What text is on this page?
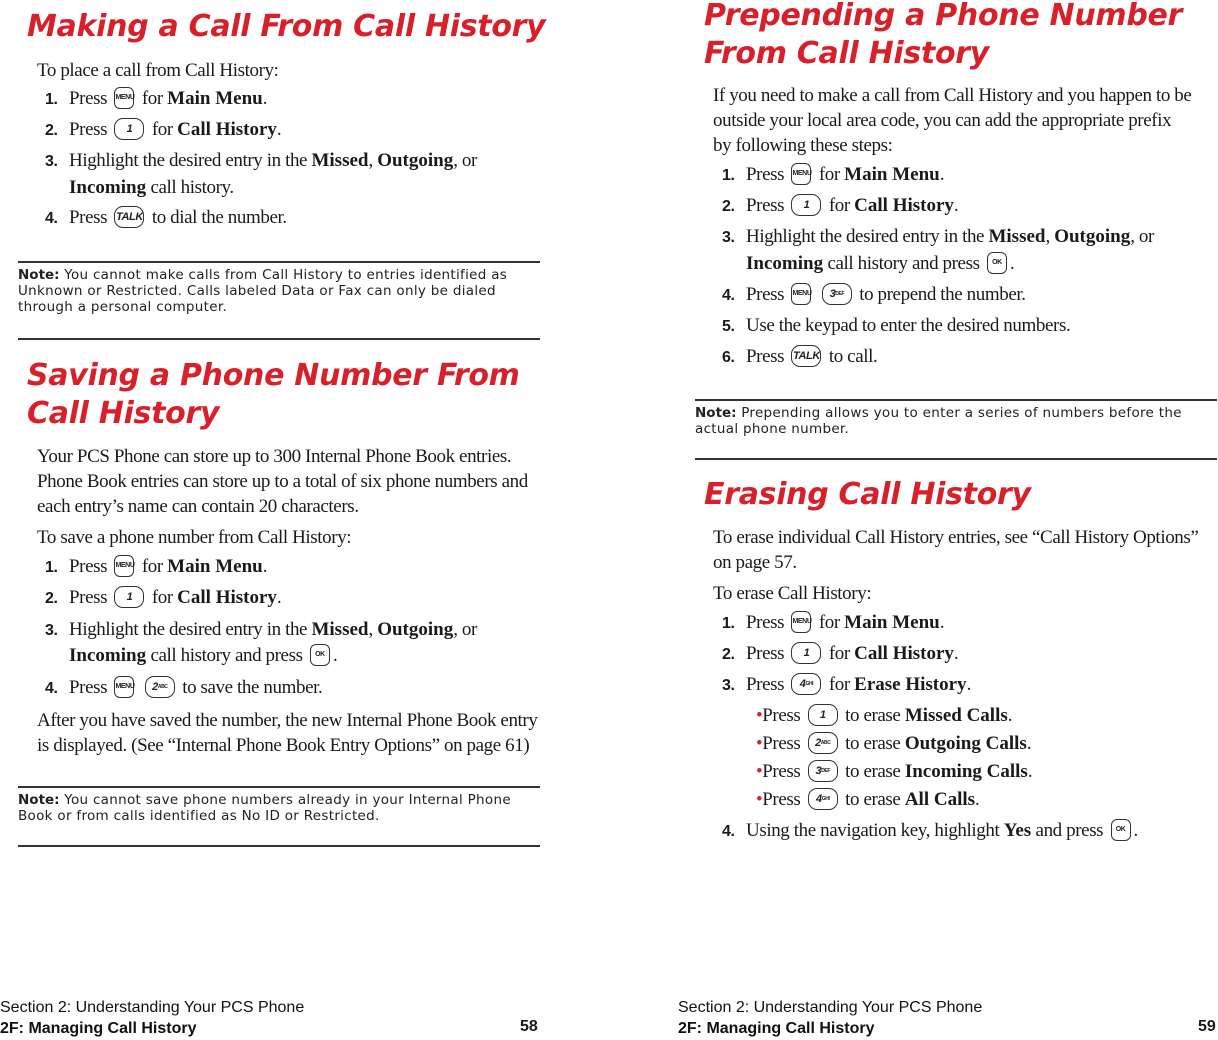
Making a Call From Call History

To place a call from Call History:

1. Press MENU for Main Menu.
2. Press 1 for Call History.
3. Highlight the desired entry in the Missed, Outgoing, or
Incoming call history.
4. Press TALK to dial the number.
Note: You cannot make calls from Call History to entries identified as Unknown or Restricted. Calls labeled Data or Fax can only be dialed through a personal computer.
Saving a Phone Number From Call History

Your PCS Phone can store up to 300 Internal Phone Book entries. Phone Book entries can store up to a total of six phone numbers and each entry’s name can contain 20 characters.

To save a phone number from Call History:

1. Press MENU for Main Menu.
2. Press 1 for Call History.
3. Highlight the desired entry in the Missed, Outgoing, or
Incoming call history and press OK .
4. Press MENU $2^{ABC}$ to save the number.

After you have saved the number, the new Internal Phone Book entry is displayed. (See “Internal Phone Book Entry Options” on page 61)

Note: You cannot save phone numbers already in your Internal Phone Book or from calls identified as No ID or Restricted.
Section 2: Understanding Your PCS Phone
2F: Managing Call History	58
Prepending a Phone Number From Call History

If you need to make a call from Call History and you happen to be outside your local area code, you can add the appropriate prefix by following these steps:

1. Press MENU for Main Menu.
2. Press 1 for Call History.
3. Highlight the desired entry in the Missed, Outgoing, or
Incoming call history and press OK .
4. Press MENU $3^{DEF}$ to prepend the number.
5. Use the keypad to enter the desired numbers.
6. Press TALK to call.
Note: Prepending allows you to enter a series of numbers before the actual phone number.
Erasing Call History

To erase individual Call History entries, see “Call History Options” on page 57.

To erase Call History:

1. Press MENU for Main Menu.
2. Press 1 for Call History.
3. Press $4^{GHI}$ for Erase History.
•Press 1 to erase Missed Calls.
•Press $2^{ABC}$ to erase Outgoing Calls.
•Press $3^{DEF}$ to erase Incoming Calls.
•Press $4^{GHI}$ to erase All Calls.
4. Using the navigation key, highlight Yes and press OK .
Section 2: Understanding Your PCS Phone
2F: Managing Call History	59
